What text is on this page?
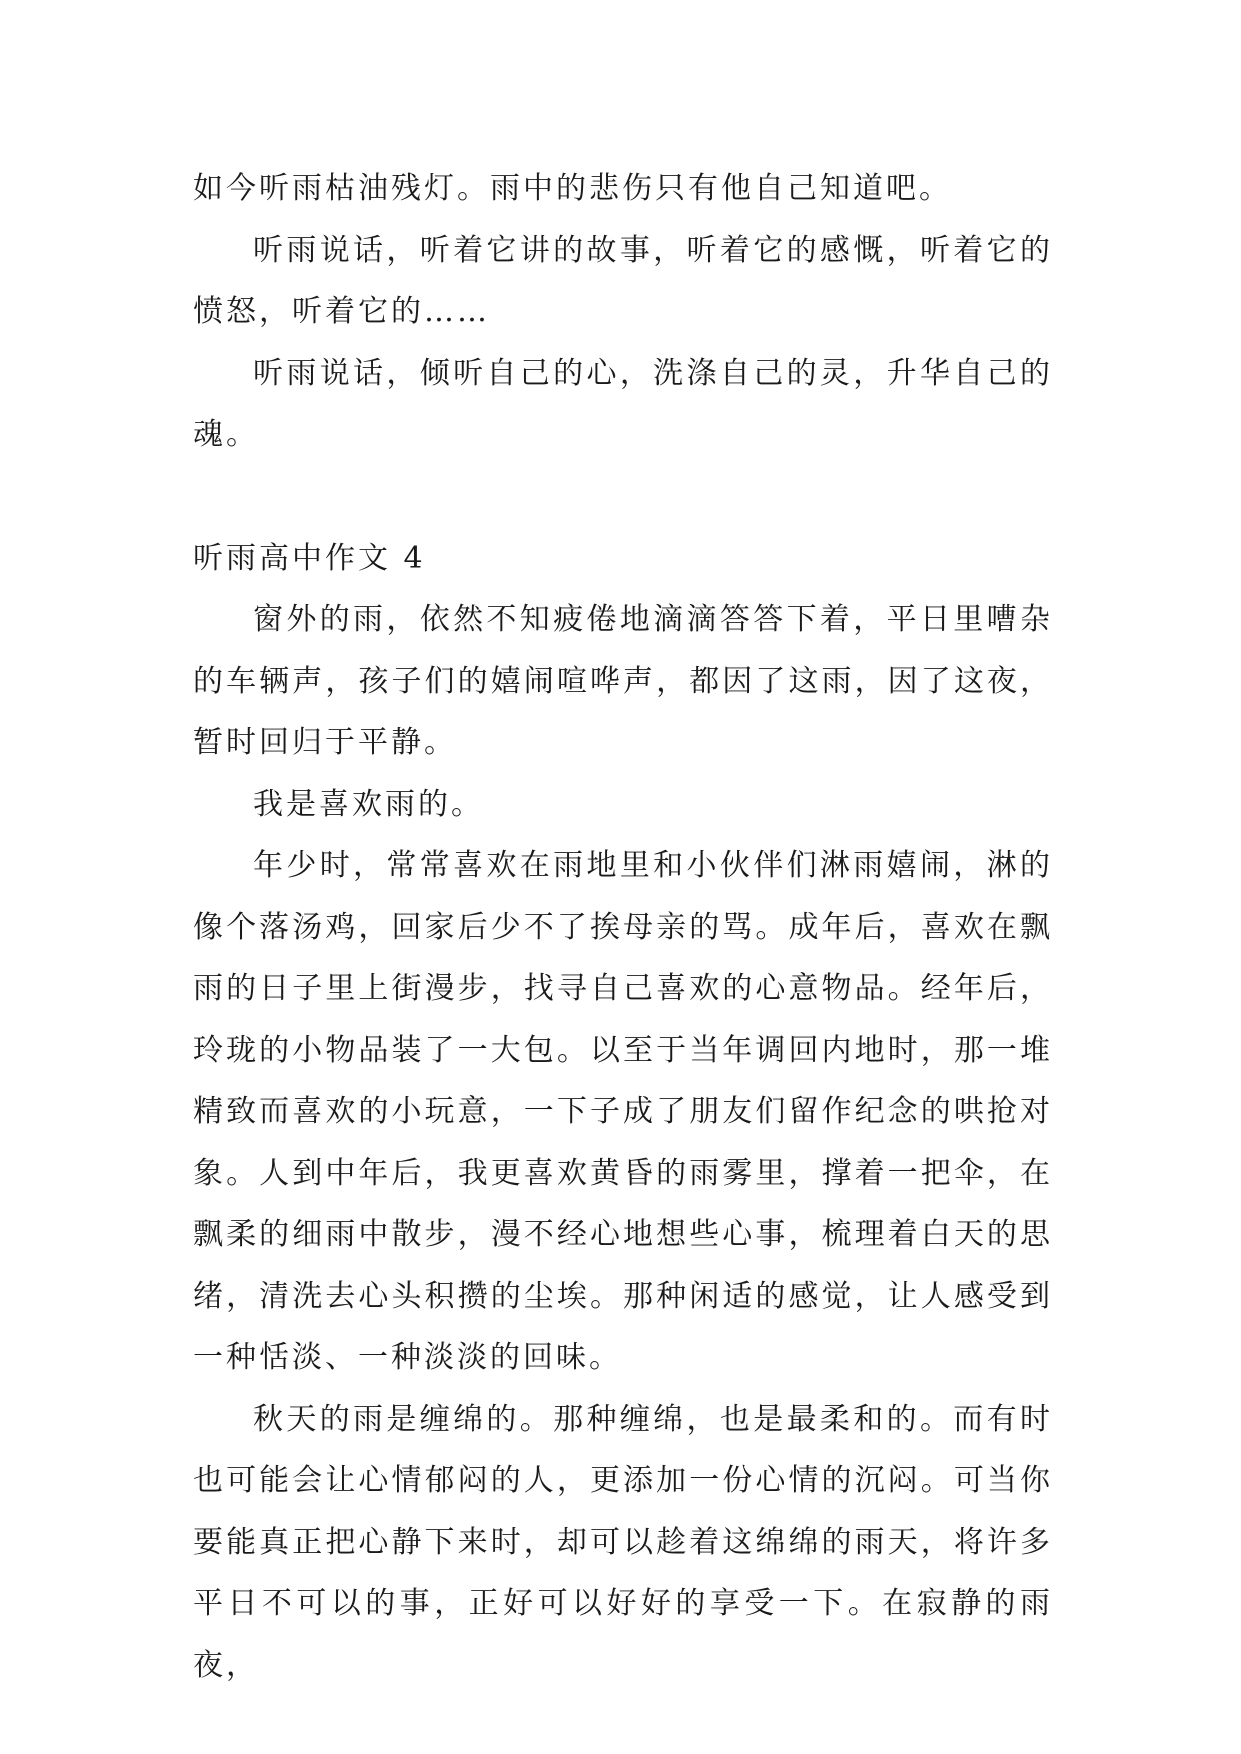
如今听雨枯油残灯。雨中的悲伤只有他自己知道吧。

听雨说话，听着它讲的故事，听着它的感慨，听着它的愤怒，听着它的……

听雨说话，倾听自己的心，洗涤自己的灵，升华自己的魂。

听雨高中作文 4

窗外的雨，依然不知疲倦地滴滴答答下着，平日里嘈杂的车辆声，孩子们的嬉闹喧哗声，都因了这雨，因了这夜，暂时回归于平静。

我是喜欢雨的。

年少时，常常喜欢在雨地里和小伙伴们淋雨嬉闹，淋的像个落汤鸡，回家后少不了挨母亲的骂。成年后，喜欢在飘雨的日子里上街漫步，找寻自己喜欢的心意物品。经年后，玲珑的小物品装了一大包。以至于当年调回内地时，那一堆精致而喜欢的小玩意，一下子成了朋友们留作纪念的哄抢对象。人到中年后，我更喜欢黄昏的雨雾里，撑着一把伞，在飘柔的细雨中散步，漫不经心地想些心事，梳理着白天的思绪，清洗去心头积攒的尘埃。那种闲适的感觉，让人感受到一种恬淡、一种淡淡的回味。

秋天的雨是缠绵的。那种缠绵，也是最柔和的。而有时也可能会让心情郁闷的人，更添加一份心情的沉闷。可当你要能真正把心静下来时，却可以趁着这绵绵的雨天，将许多平日不可以的事，正好可以好好的享受一下。在寂静的雨夜，
